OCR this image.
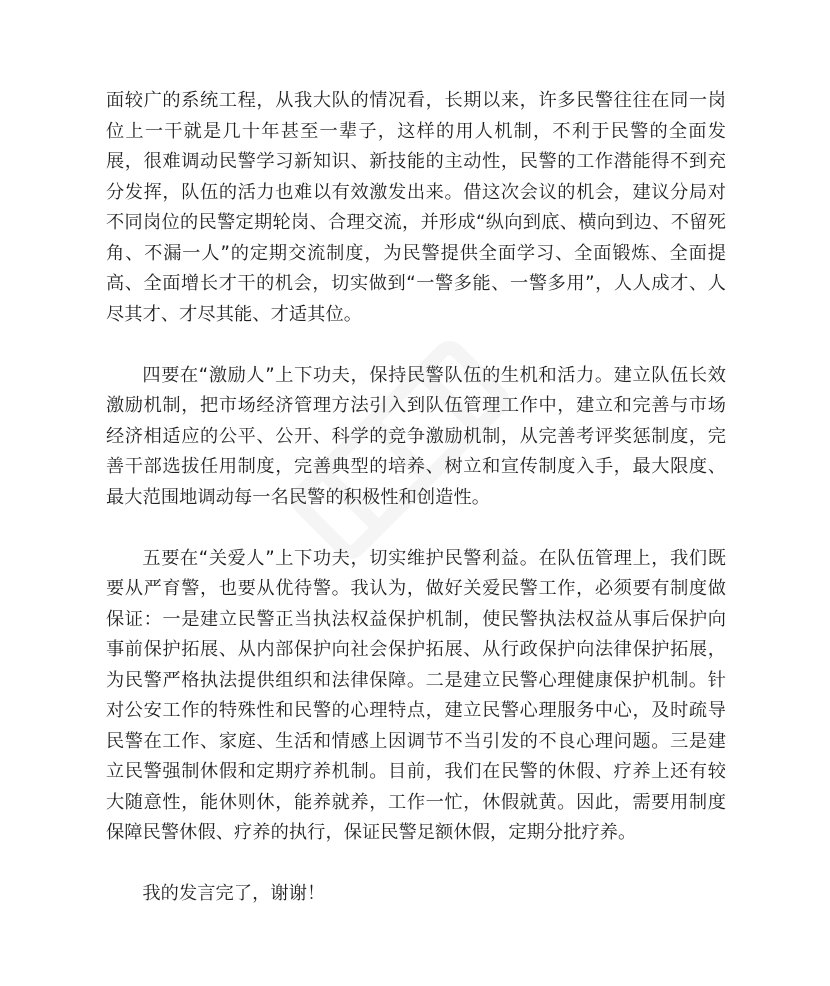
面较广的系统工程，从我大队的情况看，长期以来，许多民警往往在同一岗位上一干就是几十年甚至一辈子，这样的用人机制，不利于民警的全面发展，很难调动民警学习新知识、新技能的主动性，民警的工作潜能得不到充分发挥，队伍的活力也难以有效激发出来。借这次会议的机会，建议分局对不同岗位的民警定期轮岗、合理交流，并形成“纵向到底、横向到边、不留死角、不漏一人”的定期交流制度，为民警提供全面学习、全面锻炼、全面提高、全面增长才干的机会，切实做到“一警多能、一警多用”，人人成才、人尽其才、才尽其能、才适其位。

四要在“激励人”上下功夫，保持民警队伍的生机和活力。建立队伍长效激励机制，把市场经济管理方法引入到队伍管理工作中，建立和完善与市场经济相适应的公平、公开、科学的竞争激励机制，从完善考评奖惩制度，完善干部选拔任用制度，完善典型的培养、树立和宣传制度入手，最大限度、最大范围地调动每一名民警的积极性和创造性。

五要在“关爱人”上下功夫，切实维护民警利益。在队伍管理上，我们既要从严育警，也要从优待警。我认为，做好关爱民警工作，必须要有制度做保证：一是建立民警正当执法权益保护机制，使民警执法权益从事后保护向事前保护拓展、从内部保护向社会保护拓展、从行政保护向法律保护拓展，为民警严格执法提供组织和法律保障。二是建立民警心理健康保护机制。针对公安工作的特殊性和民警的心理特点，建立民警心理服务中心，及时疏导民警在工作、家庭、生活和情感上因调节不当引发的不良心理问题。三是建立民警强制休假和定期疗养机制。目前，我们在民警的休假、疗养上还有较大随意性，能休则休，能养就养，工作一忙，休假就黄。因此，需要用制度保障民警休假、疗养的执行，保证民警足额休假，定期分批疗养。

我的发言完了，谢谢！
